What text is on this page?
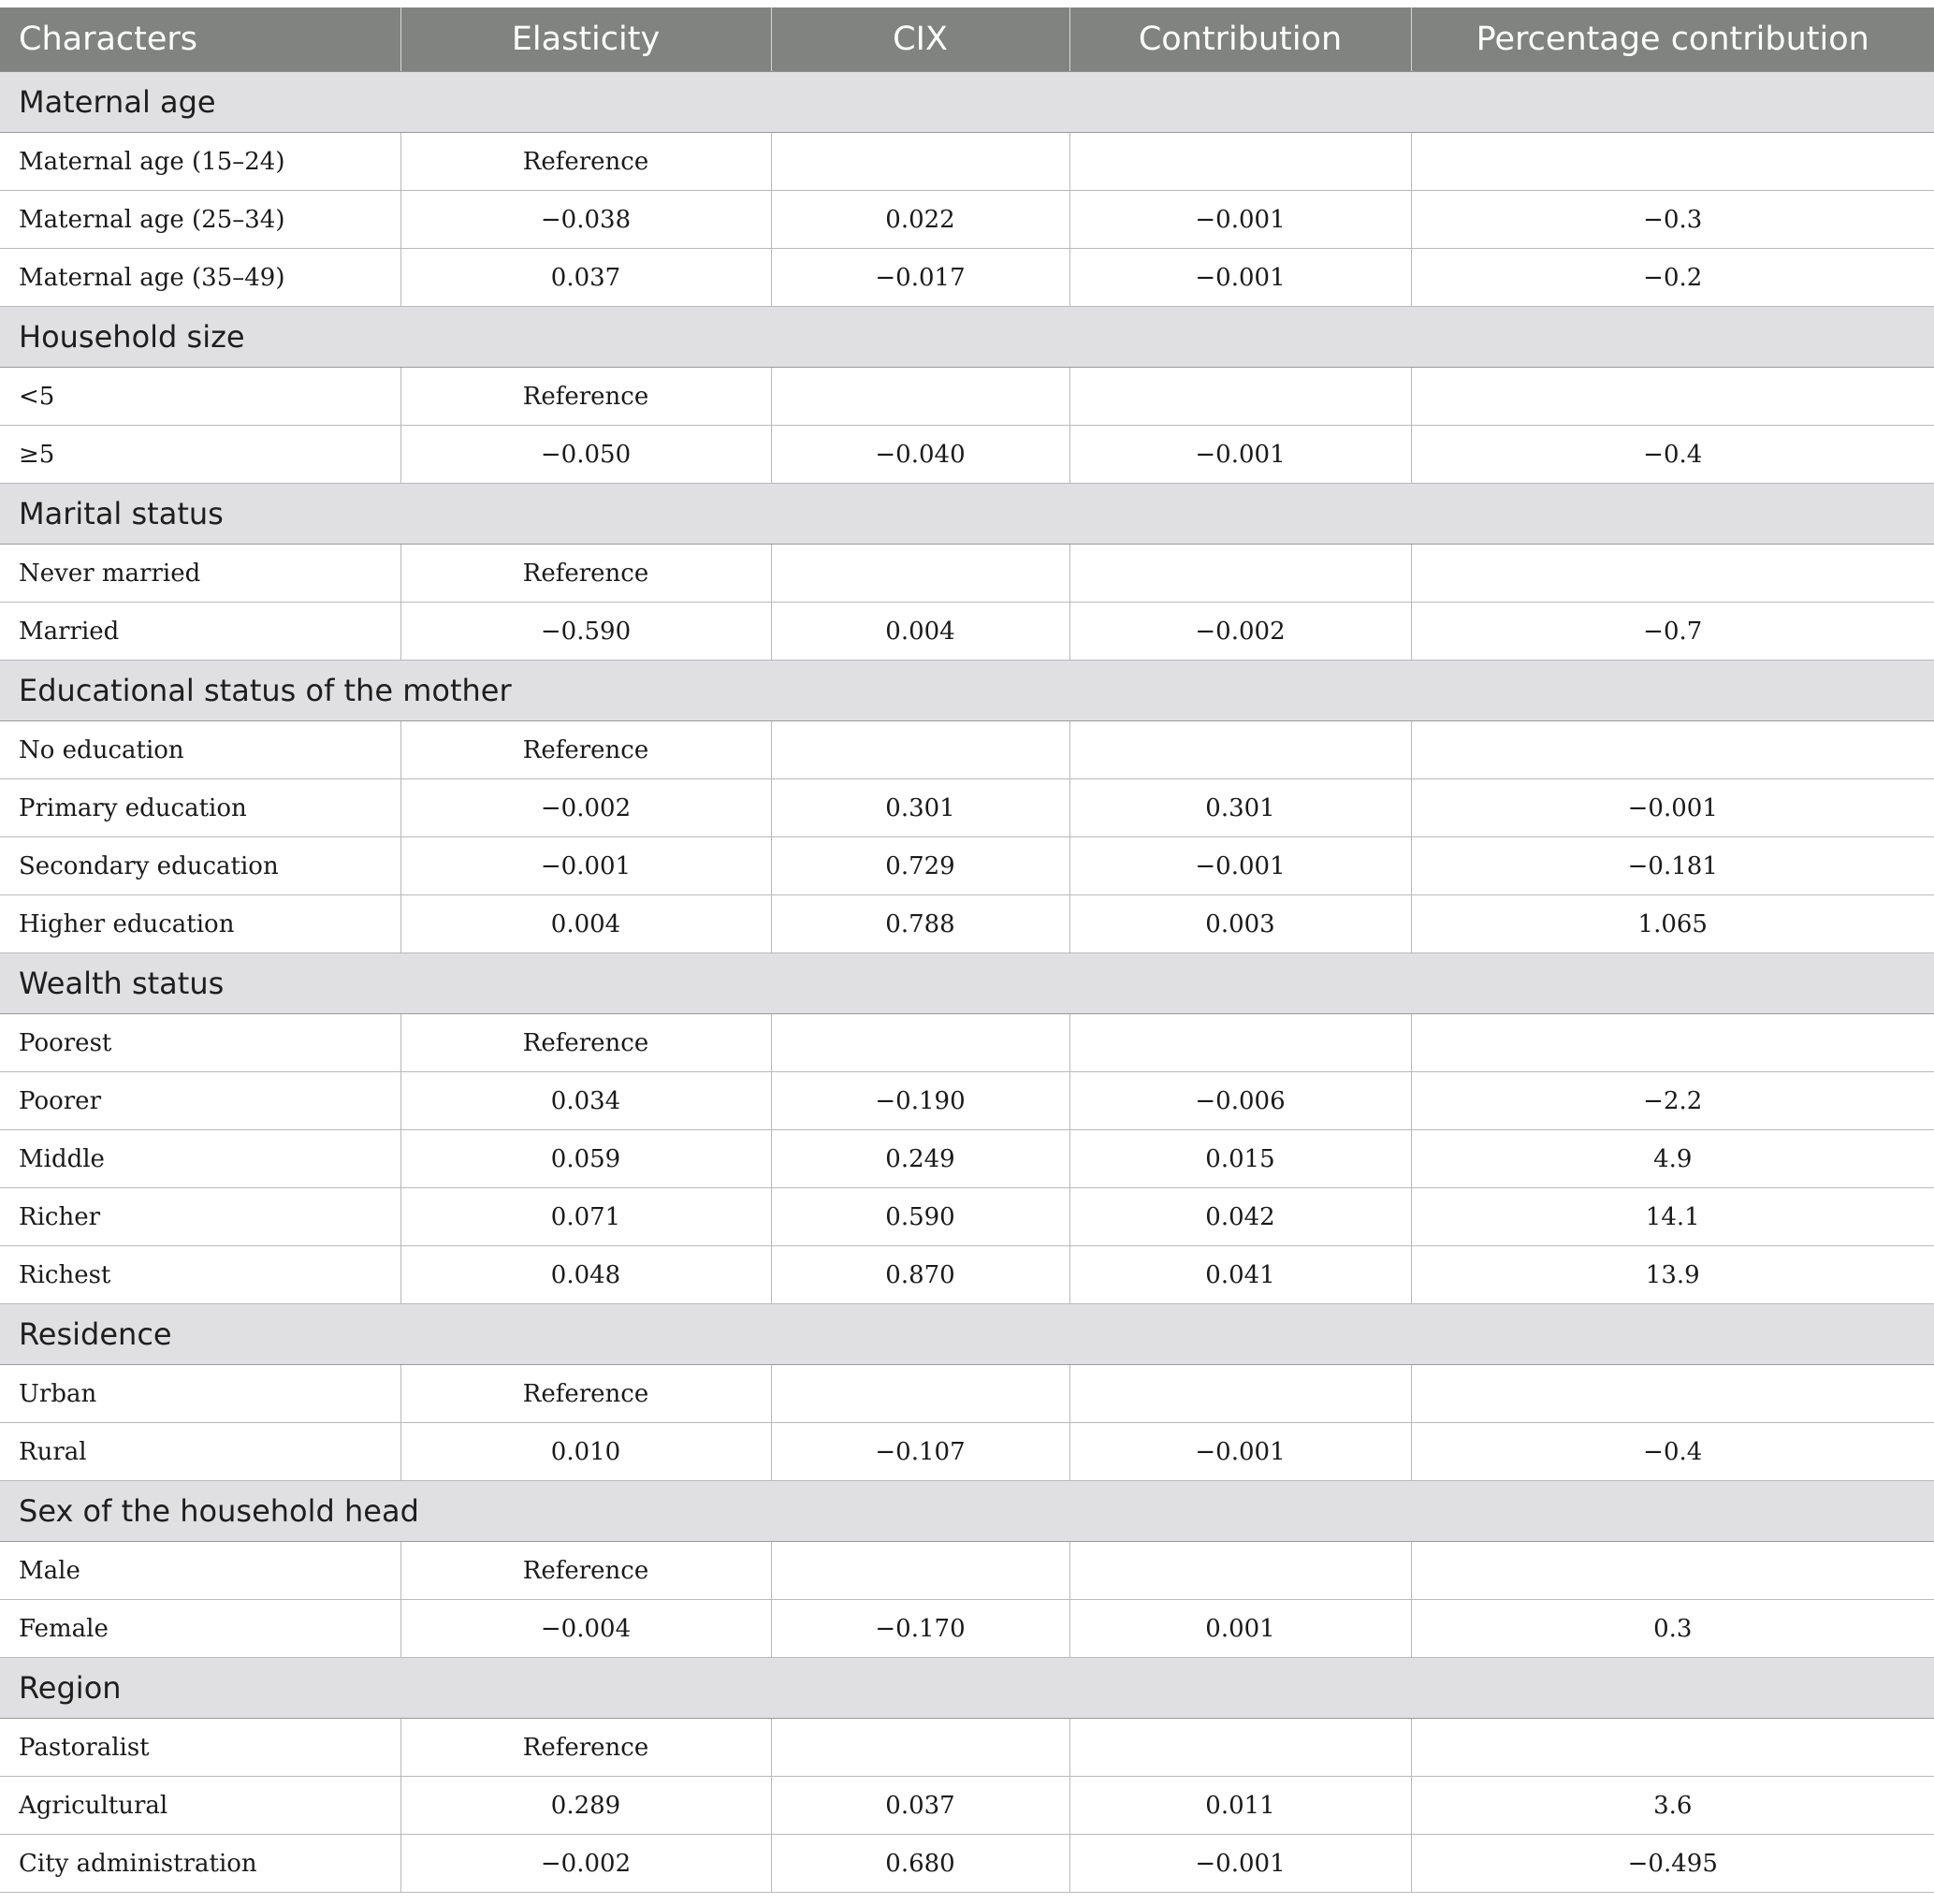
Characters	Elasticity	CIX	Contribution	Percentage contribution
Maternal age				
Maternal age (15–24)	Reference			
Maternal age (25–34)	−0.038	0.022	−0.001	−0.3
Maternal age (35–49)	0.037	−0.017	−0.001	−0.2
Household size				
<5	Reference			
≥5	−0.050	−0.040	−0.001	−0.4
Marital status				
Never married	Reference			
Married	−0.590	0.004	−0.002	−0.7
Educational status of the mother				
No education	Reference			
Primary education	−0.002	0.301	0.301	−0.001
Secondary education	−0.001	0.729	−0.001	−0.181
Higher education	0.004	0.788	0.003	1.065
Wealth status				
Poorest	Reference			
Poorer	0.034	−0.190	−0.006	−2.2
Middle	0.059	0.249	0.015	4.9
Richer	0.071	0.590	0.042	14.1
Richest	0.048	0.870	0.041	13.9
Residence				
Urban	Reference			
Rural	0.010	−0.107	−0.001	−0.4
Sex of the household head				
Male	Reference			
Female	−0.004	−0.170	0.001	0.3
Region				
Pastoralist	Reference			
Agricultural	0.289	0.037	0.011	3.6
City administration	−0.002	0.680	−0.001	−0.495
